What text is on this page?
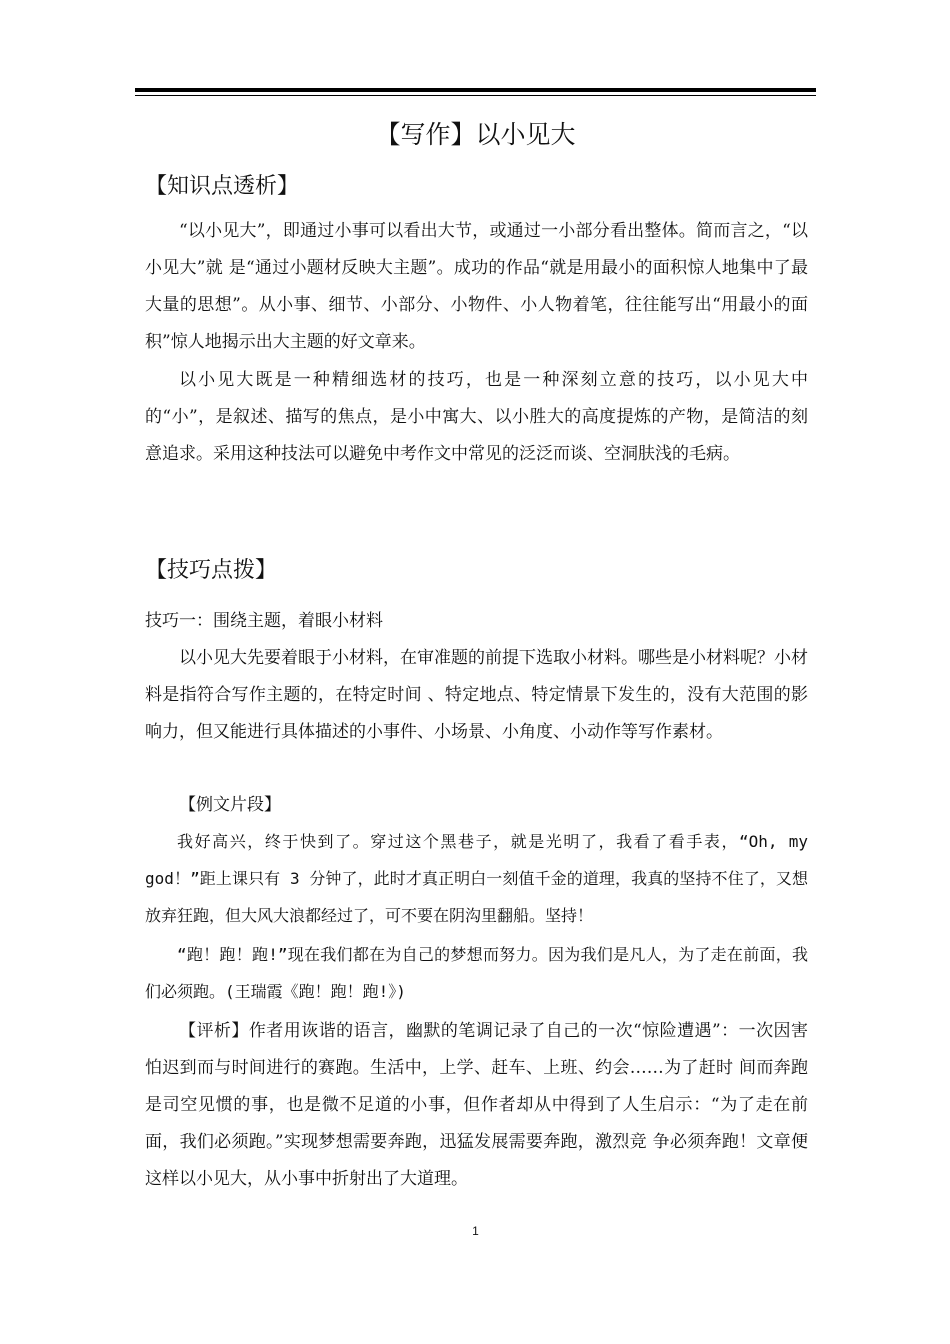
【写作】以小见大
【知识点透析】

“以小见大”，即通过小事可以看出大节，或通过一小部分看出整体。简而言之，“以小见大”就 是“通过小题材反映大主题”。成功的作品“就是用最小的面积惊人地集中了最大量的思想”。从小事、细节、小部分、小物件、小人物着笔，往往能写出“用最小的面积”惊人地揭示出大主题的好文章来。

以小见大既是一种精细选材的技巧，也是一种深刻立意的技巧，以小见大中的“小”，是叙述、描写的焦点，是小中寓大、以小胜大的高度提炼的产物，是简洁的刻意追求。采用这种技法可以避免中考作文中常见的泛泛而谈、空洞肤浅的毛病。

【技巧点拨】
技巧一：围绕主题，着眼小材料

以小见大先要着眼于小材料，在审准题的前提下选取小材料。哪些是小材料呢？小材料是指符合写作主题的，在特定时间 、特定地点、特定情景下发生的，没有大范围的影响力，但又能进行具体描述的小事件、小场景、小角度、小动作等写作素材。

【例文片段】

我好高兴，终于快到了。穿过这个黑巷子，就是光明了，我看了看手表，“Oh, my god！”距上课只有 3 分钟了，此时才真正明白一刻值千金的道理，我真的坚持不住了，又想放弃狂跑，但大风大浪都经过了，可不要在阴沟里翻船。坚持！

“跑！跑！跑!”现在我们都在为自己的梦想而努力。因为我们是凡人，为了走在前面，我们必须跑。(王瑞霞《跑！跑！跑!》)

【评析】作者用诙谐的语言，幽默的笔调记录了自己的一次“惊险遭遇”：一次因害怕迟到而与时间进行的赛跑。生活中，上学、赶车、上班、约会……为了赶时 间而奔跑是司空见惯的事，也是微不足道的小事，但作者却从中得到了人生启示：“为了走在前面，我们必须跑。”实现梦想需要奔跑，迅猛发展需要奔跑，激烈竞 争必须奔跑！文章便这样以小见大，从小事中折射出了大道理。

1
